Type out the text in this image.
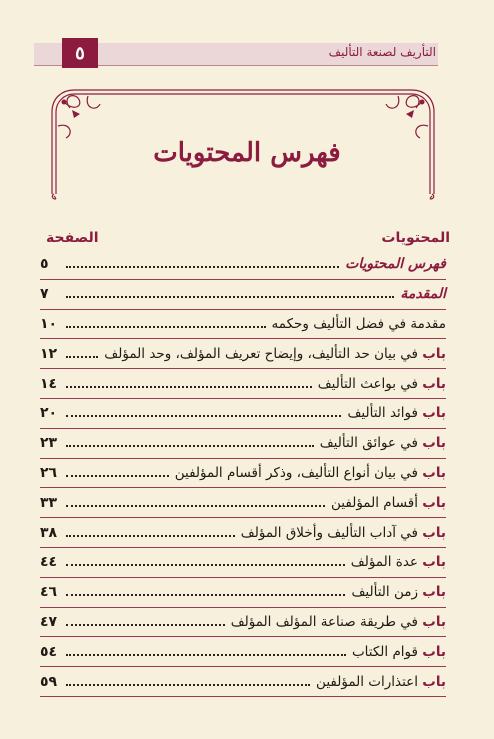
٥	التأريف لصنعة التأليف
فهرس المحتويات
المحتويات
الصفحة
فهرس المحتويات
٥
المقدمة
٧
مقدمة في فضل التأليف وحكمه
١٠
باب في بيان حد التأليف، وإيضاح تعريف المؤلف، وحد المؤلف
١٢
باب في بواعث التأليف
١٤
باب فوائد التأليف
٢٠
باب في عوائق التأليف
٢٣
باب في بيان أنواع التأليف، وذكر أقسام المؤلفين
٢٦
باب أقسام المؤلفين
٣٣
باب في آداب التأليف وأخلاق المؤلف
٣٨
باب عدة المؤلف
٤٤
باب زمن التأليف
٤٦
باب في طريقة صناعة المؤلف المؤلف
٤٧
باب قوام الكتاب
٥٤
باب اعتذارات المؤلفين
٥٩
